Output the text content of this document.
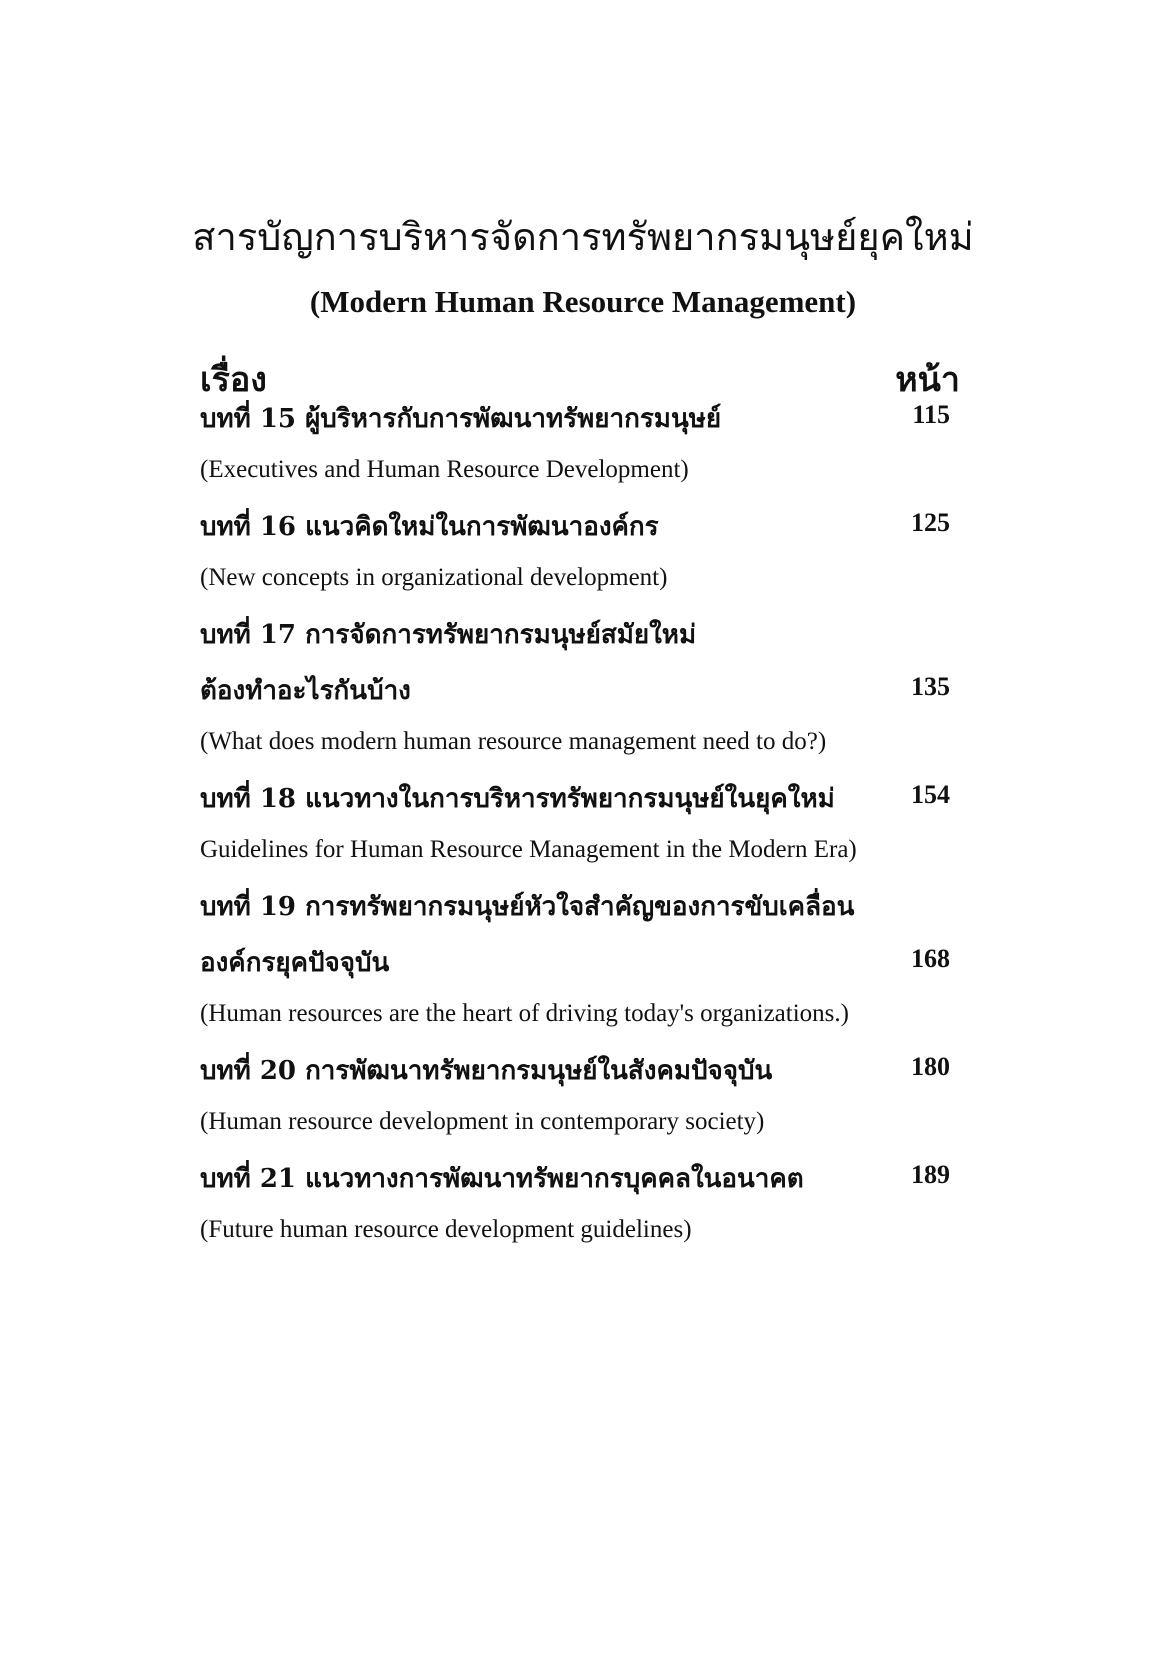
สารบัญการบริหารจัดการทรัพยากรมนุษย์ยุคใหม่
(Modern Human Resource Management)
เรื่อง	หน้า
บทที่ 15 ผู้บริหารกับการพัฒนาทรัพยากรมนุษย์	115
(Executives and Human Resource Development)
บทที่ 16 แนวคิดใหม่ในการพัฒนาองค์กร	125
(New concepts in organizational development)
บทที่ 17 การจัดการทรัพยากรมนุษย์สมัยใหม่
ต้องทำอะไรกันบ้าง	135
(What does modern human resource management need to do?)
บทที่ 18 แนวทางในการบริหารทรัพยากรมนุษย์ในยุคใหม่	154
Guidelines for Human Resource Management in the Modern Era)
บทที่ 19 การทรัพยากรมนุษย์หัวใจสำคัญของการขับเคลื่อน
องค์กรยุคปัจจุบัน	168
(Human resources are the heart of driving today's organizations.)
บทที่ 20 การพัฒนาทรัพยากรมนุษย์ในสังคมปัจจุบัน	180
(Human resource development in contemporary society)
บทที่ 21 แนวทางการพัฒนาทรัพยากรบุคคลในอนาคต	189
(Future human resource development guidelines)
